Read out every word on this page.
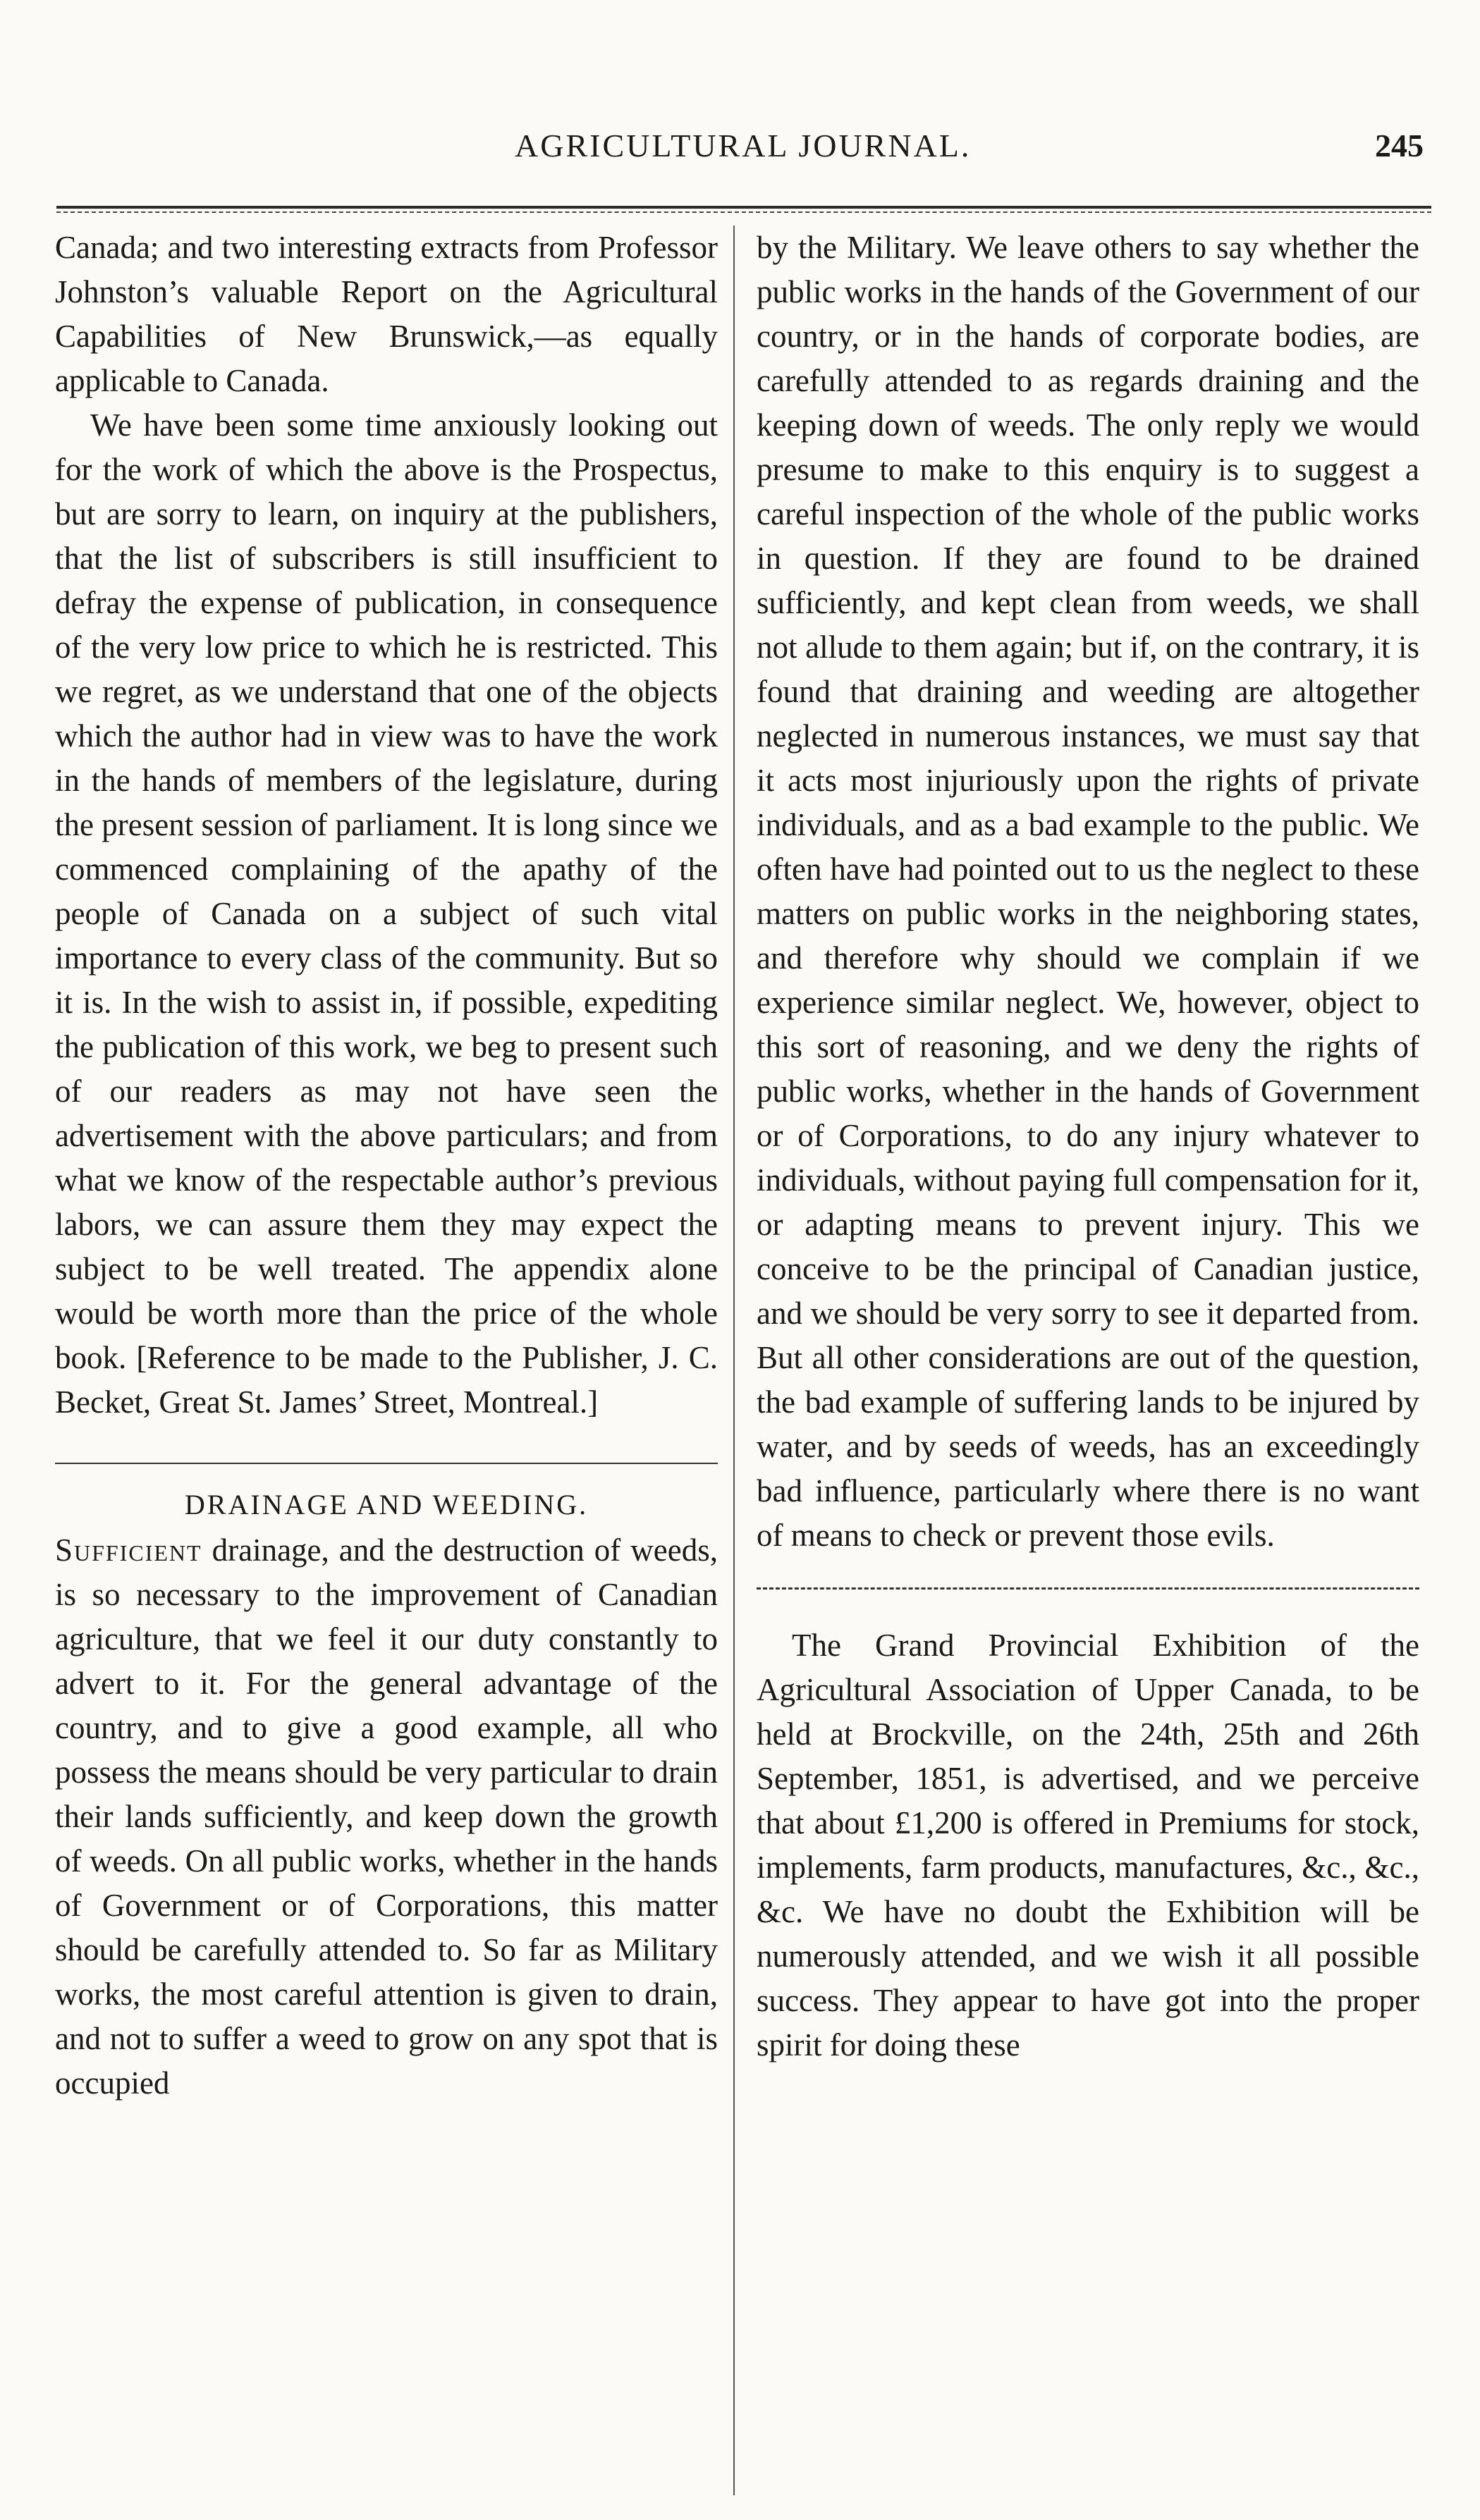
AGRICULTURAL JOURNAL.	245

Canada; and two interesting extracts from Professor Johnston’s valuable Report on the Agricultural Capabilities of New Brunswick,—as equally applicable to Canada.

We have been some time anxiously looking out for the work of which the above is the Prospectus, but are sorry to learn, on inquiry at the publishers, that the list of subscribers is still insufficient to defray the expense of publication, in consequence of the very low price to which he is restricted. This we regret, as we understand that one of the objects which the author had in view was to have the work in the hands of members of the legislature, during the present session of parliament. It is long since we commenced complaining of the apathy of the people of Canada on a subject of such vital importance to every class of the community. But so it is. In the wish to assist in, if possible, expediting the publication of this work, we beg to present such of our readers as may not have seen the advertisement with the above particulars; and from what we know of the respectable author’s previous labors, we can assure them they may expect the subject to be well treated. The appendix alone would be worth more than the price of the whole book. [Reference to be made to the Publisher, J. C. Becket, Great St. James’ Street, Montreal.]

DRAINAGE AND WEEDING.

Sufficient drainage, and the destruction of weeds, is so necessary to the improvement of Canadian agriculture, that we feel it our duty constantly to advert to it. For the general advantage of the country, and to give a good example, all who possess the means should be very particular to drain their lands sufficiently, and keep down the growth of weeds. On all public works, whether in the hands of Government or of Corporations, this matter should be carefully attended to. So far as Military works, the most careful attention is given to drain, and not to suffer a weed to grow on any spot that is occupied

by the Military. We leave others to say whether the public works in the hands of the Government of our country, or in the hands of corporate bodies, are carefully attended to as regards draining and the keeping down of weeds. The only reply we would presume to make to this enquiry is to suggest a careful inspection of the whole of the public works in question. If they are found to be drained sufficiently, and kept clean from weeds, we shall not allude to them again; but if, on the contrary, it is found that draining and weeding are altogether neglected in numerous instances, we must say that it acts most injuriously upon the rights of private individuals, and as a bad example to the public. We often have had pointed out to us the neglect to these matters on public works in the neighboring states, and therefore why should we complain if we experience similar neglect. We, however, object to this sort of reasoning, and we deny the rights of public works, whether in the hands of Government or of Corporations, to do any injury whatever to individuals, without paying full compensation for it, or adapting means to prevent injury. This we conceive to be the principal of Canadian justice, and we should be very sorry to see it departed from. But all other considerations are out of the question, the bad example of suffering lands to be injured by water, and by seeds of weeds, has an exceedingly bad influence, particularly where there is no want of means to check or prevent those evils.

The Grand Provincial Exhibition of the Agricultural Association of Upper Canada, to be held at Brockville, on the 24th, 25th and 26th September, 1851, is advertised, and we perceive that about £1,200 is offered in Premiums for stock, implements, farm products, manufactures, &c., &c., &c. We have no doubt the Exhibition will be numerously attended, and we wish it all possible success. They appear to have got into the proper spirit for doing these
